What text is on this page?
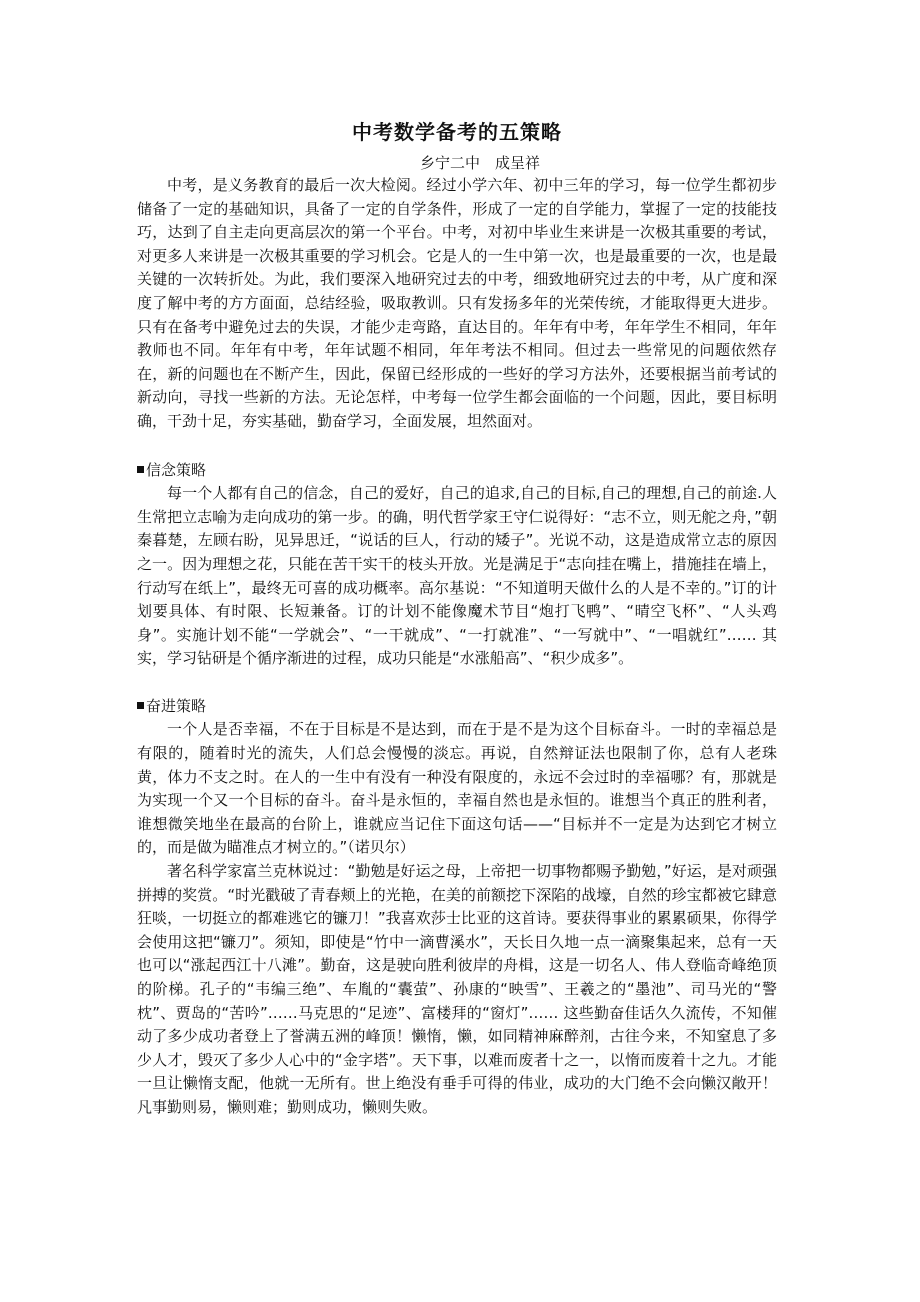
中考数学备考的五策略
乡宁二中　成呈祥

中考，是义务教育的最后一次大检阅。经过小学六年、初中三年的学习，每一位学生都初步储备了一定的基础知识，具备了一定的自学条件，形成了一定的自学能力，掌握了一定的技能技巧，达到了自主走向更高层次的第一个平台。中考，对初中毕业生来讲是一次极其重要的考试，对更多人来讲是一次极其重要的学习机会。它是人的一生中第一次，也是最重要的一次，也是最关键的一次转折处。为此，我们要深入地研究过去的中考，细致地研究过去的中考，从广度和深度了解中考的方方面面，总结经验，吸取教训。只有发扬多年的光荣传统，才能取得更大进步。只有在备考中避免过去的失误，才能少走弯路，直达目的。年年有中考，年年学生不相同，年年教师也不同。年年有中考，年年试题不相同，年年考法不相同。但过去一些常见的问题依然存在，新的问题也在不断产生，因此，保留已经形成的一些好的学习方法外，还要根据当前考试的新动向，寻找一些新的方法。无论怎样，中考每一位学生都会面临的一个问题，因此，要目标明确，干劲十足，夯实基础，勤奋学习，全面发展，坦然面对。

信念策略

每一个人都有自己的信念，自己的爱好，自己的追求,自己的目标,自己的理想,自己的前途.人生常把立志喻为走向成功的第一步。的确，明代哲学家王守仁说得好：“志不立，则无舵之舟，”朝秦暮楚，左顾右盼，见异思迁，“说话的巨人，行动的矮子”。光说不动，这是造成常立志的原因之一。因为理想之花，只能在苦干实干的枝头开放。光是满足于“志向挂在嘴上，措施挂在墙上，行动写在纸上”，最终无可喜的成功概率。高尔基说：“不知道明天做什么的人是不幸的。”订的计划要具体、有时限、长短兼备。订的计划不能像魔术节目“炮打飞鸭”、“晴空飞杯”、“人头鸡身”。实施计划不能“一学就会”、“一干就成”、“一打就准”、“一写就中”、“一唱就红”…… 其实，学习钻研是个循序渐进的过程，成功只能是“水涨船高”、“积少成多”。

奋进策略

一个人是否幸福，不在于目标是不是达到，而在于是不是为这个目标奋斗。一时的幸福总是有限的，随着时光的流失，人们总会慢慢的淡忘。再说，自然辩证法也限制了你，总有人老珠黄，体力不支之时。在人的一生中有没有一种没有限度的，永远不会过时的幸福哪？有，那就是为实现一个又一个目标的奋斗。奋斗是永恒的，幸福自然也是永恒的。谁想当个真正的胜利者，谁想微笑地坐在最高的台阶上，谁就应当记住下面这句话——“目标并不一定是为达到它才树立的，而是做为瞄准点才树立的。”（诺贝尔）

著名科学家富兰克林说过：“勤勉是好运之母，上帝把一切事物都赐予勤勉，”好运，是对顽强拼搏的奖赏。“时光戳破了青春颊上的光艳，在美的前额挖下深陷的战壕，自然的珍宝都被它肆意狂啖，一切挺立的都难逃它的镰刀！”我喜欢莎士比亚的这首诗。要获得事业的累累硕果，你得学会使用这把“镰刀”。须知，即使是“竹中一滴曹溪水”，天长日久地一点一滴聚集起来，总有一天也可以“涨起西江十八滩”。勤奋，这是驶向胜利彼岸的舟楫，这是一切名人、伟人登临奇峰绝顶的阶梯。孔子的“韦编三绝”、车胤的“囊萤”、孙康的“映雪”、王羲之的“墨池”、司马光的“警枕”、贾岛的“苦吟”……马克思的“足迹”、富楼拜的“窗灯”…… 这些勤奋佳话久久流传，不知催动了多少成功者登上了誉满五洲的峰顶！懒惰，懒，如同精神麻醉剂，古往今来，不知窒息了多少人才，毁灭了多少人心中的“金字塔”。天下事，以难而废者十之一，以惰而废着十之九。才能一旦让懒惰支配，他就一无所有。世上绝没有垂手可得的伟业，成功的大门绝不会向懒汉敞开！凡事勤则易，懒则难；勤则成功，懒则失败。
